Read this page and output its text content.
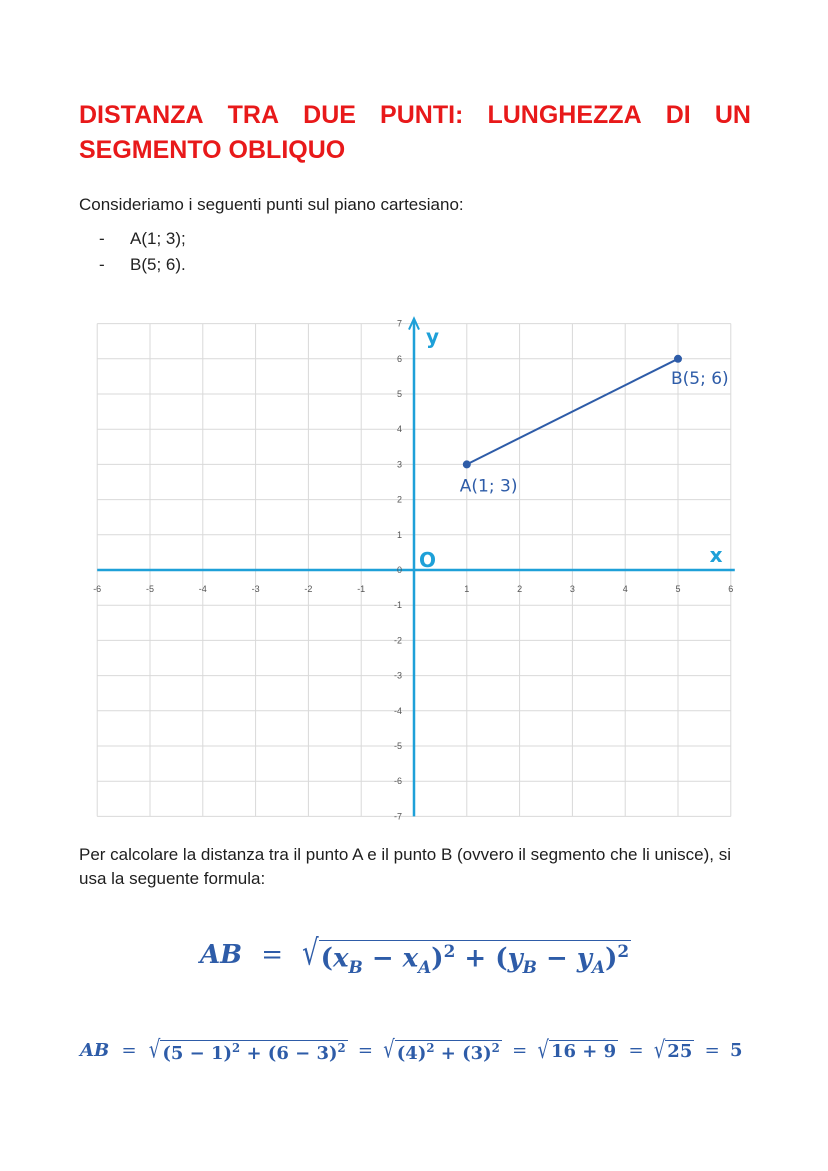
DISTANZA TRA DUE PUNTI: LUNGHEZZA DI UN
SEGMENTO OBLIQUO
Consideriamo i seguenti punti sul piano cartesiano:
-	A(1; 3);
-	B(5; 6).
-6	-5	-4	-3	-2	-1	1	2	3	4	5	6
7
6
5
4
3
2
1
0
-1
-2
-3
-4
-5
-6
-7
y
x
O
A(1; 3)
B(5; 6)
Per calcolare la distanza tra il punto A e il punto B (ovvero il segmento che li unisce), si usa la seguente formula:
AB = √ $(x_B - x_A)^2 + (y_B - y_A)^2$
AB = √ $(5 - 1)^2 + (6 - 3)^2$ = √ $(4)^2 + (3)^2$ = √ 16 + 9 = √ 25 = 5
